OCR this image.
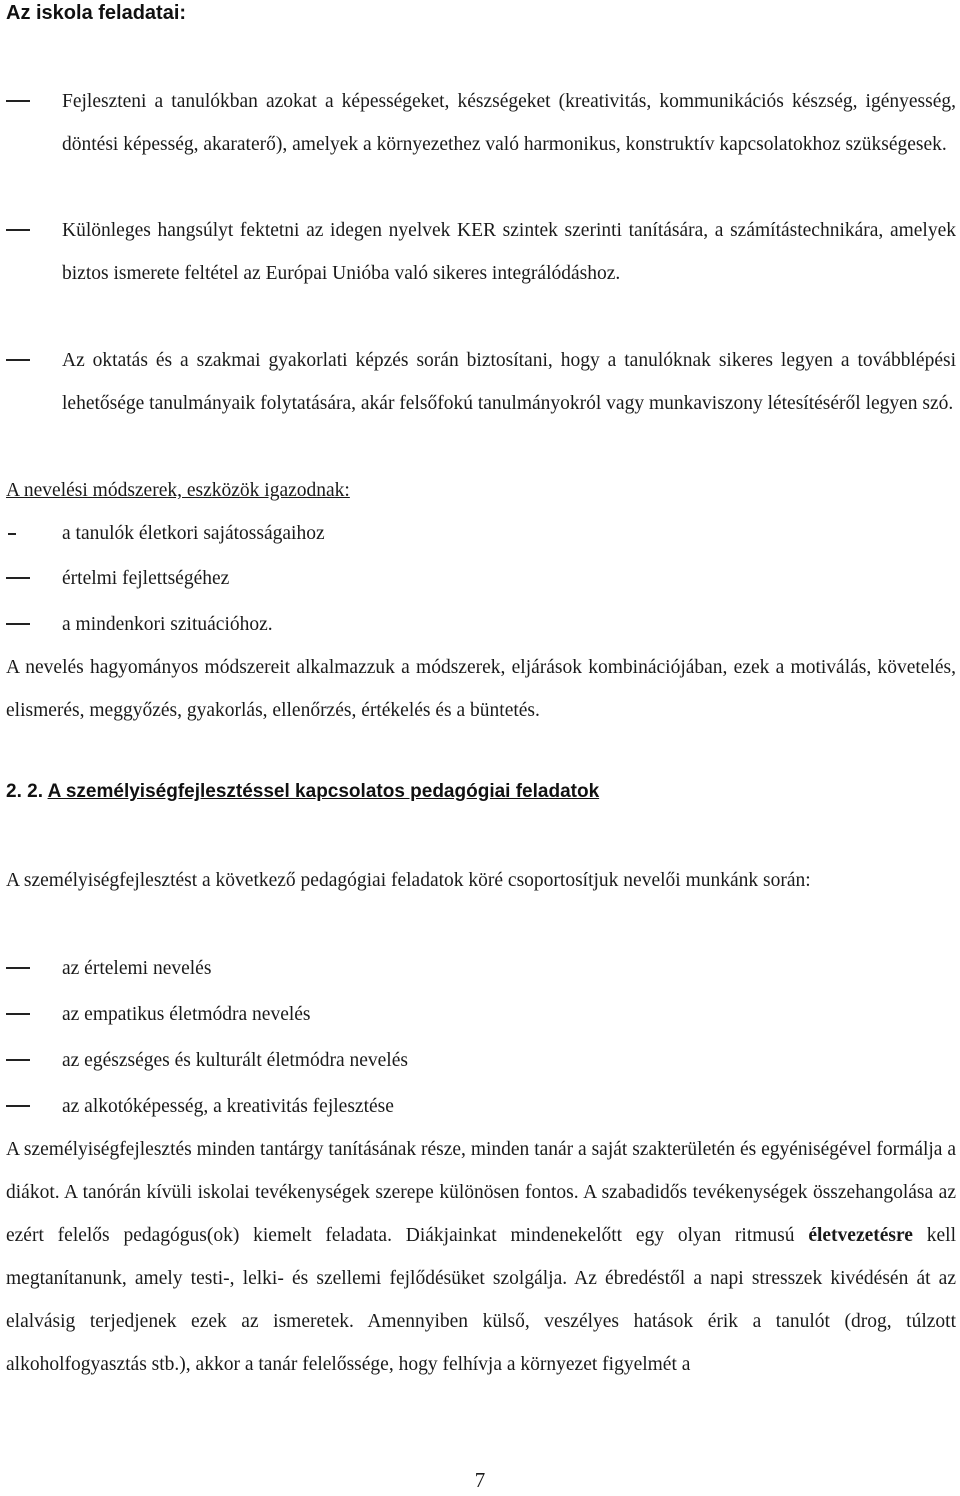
Az iskola feladatai:
Fejleszteni a tanulókban azokat a képességeket, készségeket (kreativitás, kommunikációs készség, igényesség, döntési képesség, akaraterő), amelyek a környezethez való harmonikus, konstruktív kapcsolatokhoz szükségesek.
Különleges hangsúlyt fektetni az idegen nyelvek KER szintek szerinti tanítására, a számítástechnikára, amelyek biztos ismerete feltétel az Európai Unióba való sikeres integrálódáshoz.
Az oktatás és a szakmai gyakorlati képzés során biztosítani, hogy a tanulóknak sikeres legyen a továbblépési lehetősége tanulmányaik folytatására, akár felsőfokú tanulmányokról vagy munkaviszony létesítéséről legyen szó.
A nevelési módszerek, eszközök igazodnak:
a tanulók életkori sajátosságaihoz
értelmi fejlettségéhez
a mindenkori szituációhoz.
A nevelés hagyományos módszereit alkalmazzuk a módszerek, eljárások kombinációjában, ezek a motiválás, követelés, elismerés, meggyőzés, gyakorlás, ellenőrzés, értékelés és a büntetés.
2. 2. A személyiségfejlesztéssel kapcsolatos pedagógiai feladatok
A személyiségfejlesztést a következő pedagógiai feladatok köré csoportosítjuk nevelői munkánk során:
az értelemi nevelés
az empatikus életmódra nevelés
az egészséges és kulturált életmódra nevelés
az alkotóképesség, a kreativitás fejlesztése
A személyiségfejlesztés minden tantárgy tanításának része, minden tanár a saját szakterületén és egyéniségével formálja a diákot. A tanórán kívüli iskolai tevékenységek szerepe különösen fontos. A szabadidős tevékenységek összehangolása az ezért felelős pedagógus(ok) kiemelt feladata. Diákjainkat mindenekelőtt egy olyan ritmusú életvezetésre kell megtanítanunk, amely testi-, lelki- és szellemi fejlődésüket szolgálja. Az ébredéstől a napi stresszek kivédésén át az elalvásig terjedjenek ezek az ismeretek. Amennyiben külső, veszélyes hatások érik a tanulót (drog, túlzott alkoholfogyasztás stb.), akkor a tanár felelőssége, hogy felhívja a környezet figyelmét a
7
